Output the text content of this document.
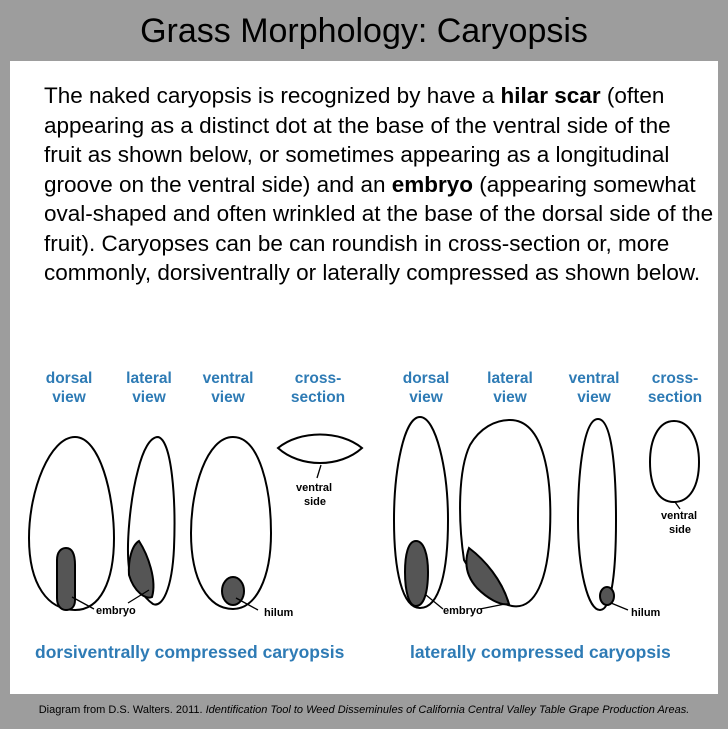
Grass Morphology: Caryopsis
The naked caryopsis is recognized by have a hilar scar (often appearing as a distinct dot at the base of the ventral side of the fruit as shown below, or sometimes appearing as a longitudinal groove on the ventral side) and an embryo (appearing somewhat oval-shaped and often wrinkled at the base of the dorsal side of the fruit). Caryopses can be can roundish in cross-section or, more commonly, dorsiventrally or laterally compressed as shown below.
dorsal
view
lateral
view
ventral
view
cross-
section
dorsal
view
lateral
view
ventral
view
cross-
section
embryo	hilum
ventral
side
embryo	hilum
ventral
side
dorsiventrally compressed caryopsis	laterally compressed caryopsis
Diagram from D.S. Walters. 2011. Identification Tool to Weed Disseminules of California Central Valley Table Grape Production Areas.
